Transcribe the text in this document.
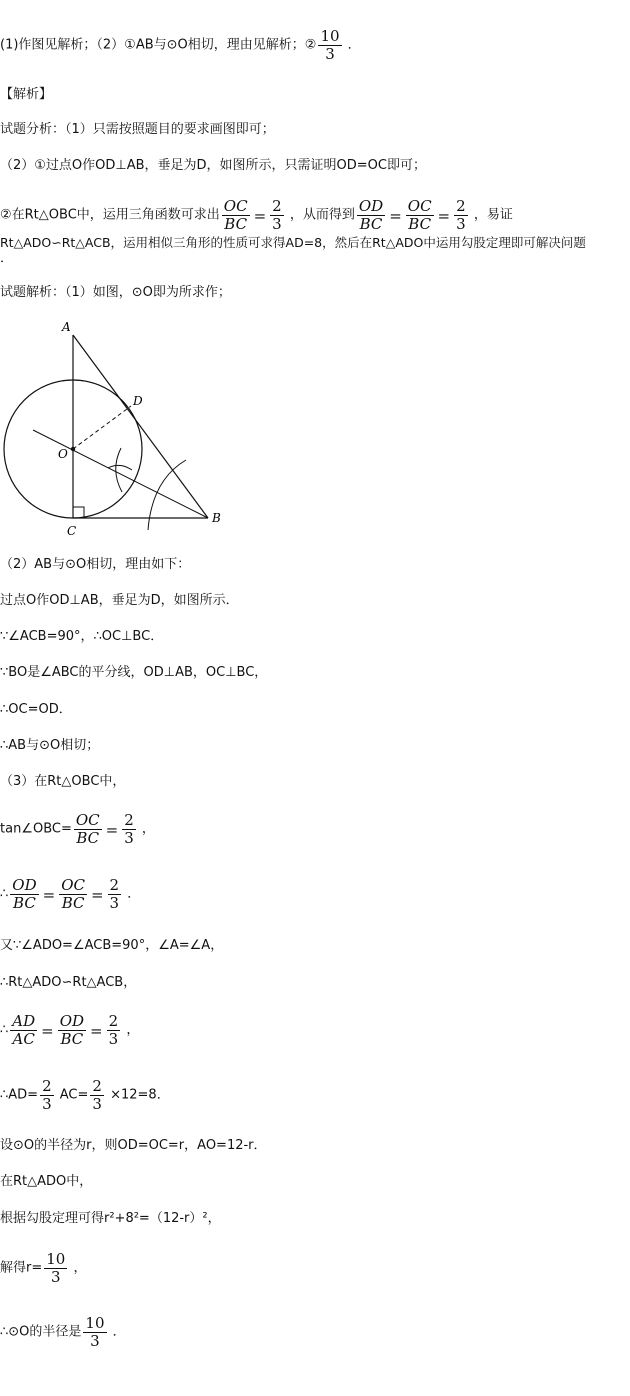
(1)作图见解析；（2）①AB与⊙O相切，理由见解析；② $\frac{10}{3}$ ．
【解析】
试题分析：（1）只需按照题目的要求画图即可；
（2）①过点O作OD⊥AB，垂足为D，如图所示，只需证明OD=OC即可；
②在Rt△OBC中，运用三角函数可求出 $\frac{OC}{BC} = \frac{2}{3}$ ，从而得到 $\frac{OD}{BC} = \frac{OC}{BC} = \frac{2}{3}$ ，易证
Rt△ADO∽Rt△ACB，运用相似三角形的性质可求得AD=8，然后在Rt△ADO中运用勾股定理即可解决问题
．
试题解析：（1）如图，⊙O即为所求作；
A
B
C
D
O
（2）AB与⊙O相切，理由如下：
过点O作OD⊥AB，垂足为D，如图所示．
∵∠ACB=90°，∴OC⊥BC．
∵BO是∠ABC的平分线，OD⊥AB，OC⊥BC，
∴OC=OD．
∴AB与⊙O相切；
（3）在Rt△OBC中，
tan∠OBC= $\frac{OC}{BC} = \frac{2}{3}$ ，
∴ $\frac{OD}{BC} = \frac{OC}{BC} = \frac{2}{3}$ ．
又∵∠ADO=∠ACB=90°，∠A=∠A，
∴Rt△ADO∽Rt△ACB，
∴ $\frac{AD}{AC} = \frac{OD}{BC} = \frac{2}{3}$ ，
∴AD= $\frac{2}{3} AC= \frac{2}{3} \times 12=8$．
设⊙O的半径为r，则OD=OC=r，AO=12-r．
在Rt△ADO中，
根据勾股定理可得r²+8²=（12-r）²，
解得$r= \frac{10}{3}$ ，
∴⊙O的半径是 $\frac{10}{3}$ ．
